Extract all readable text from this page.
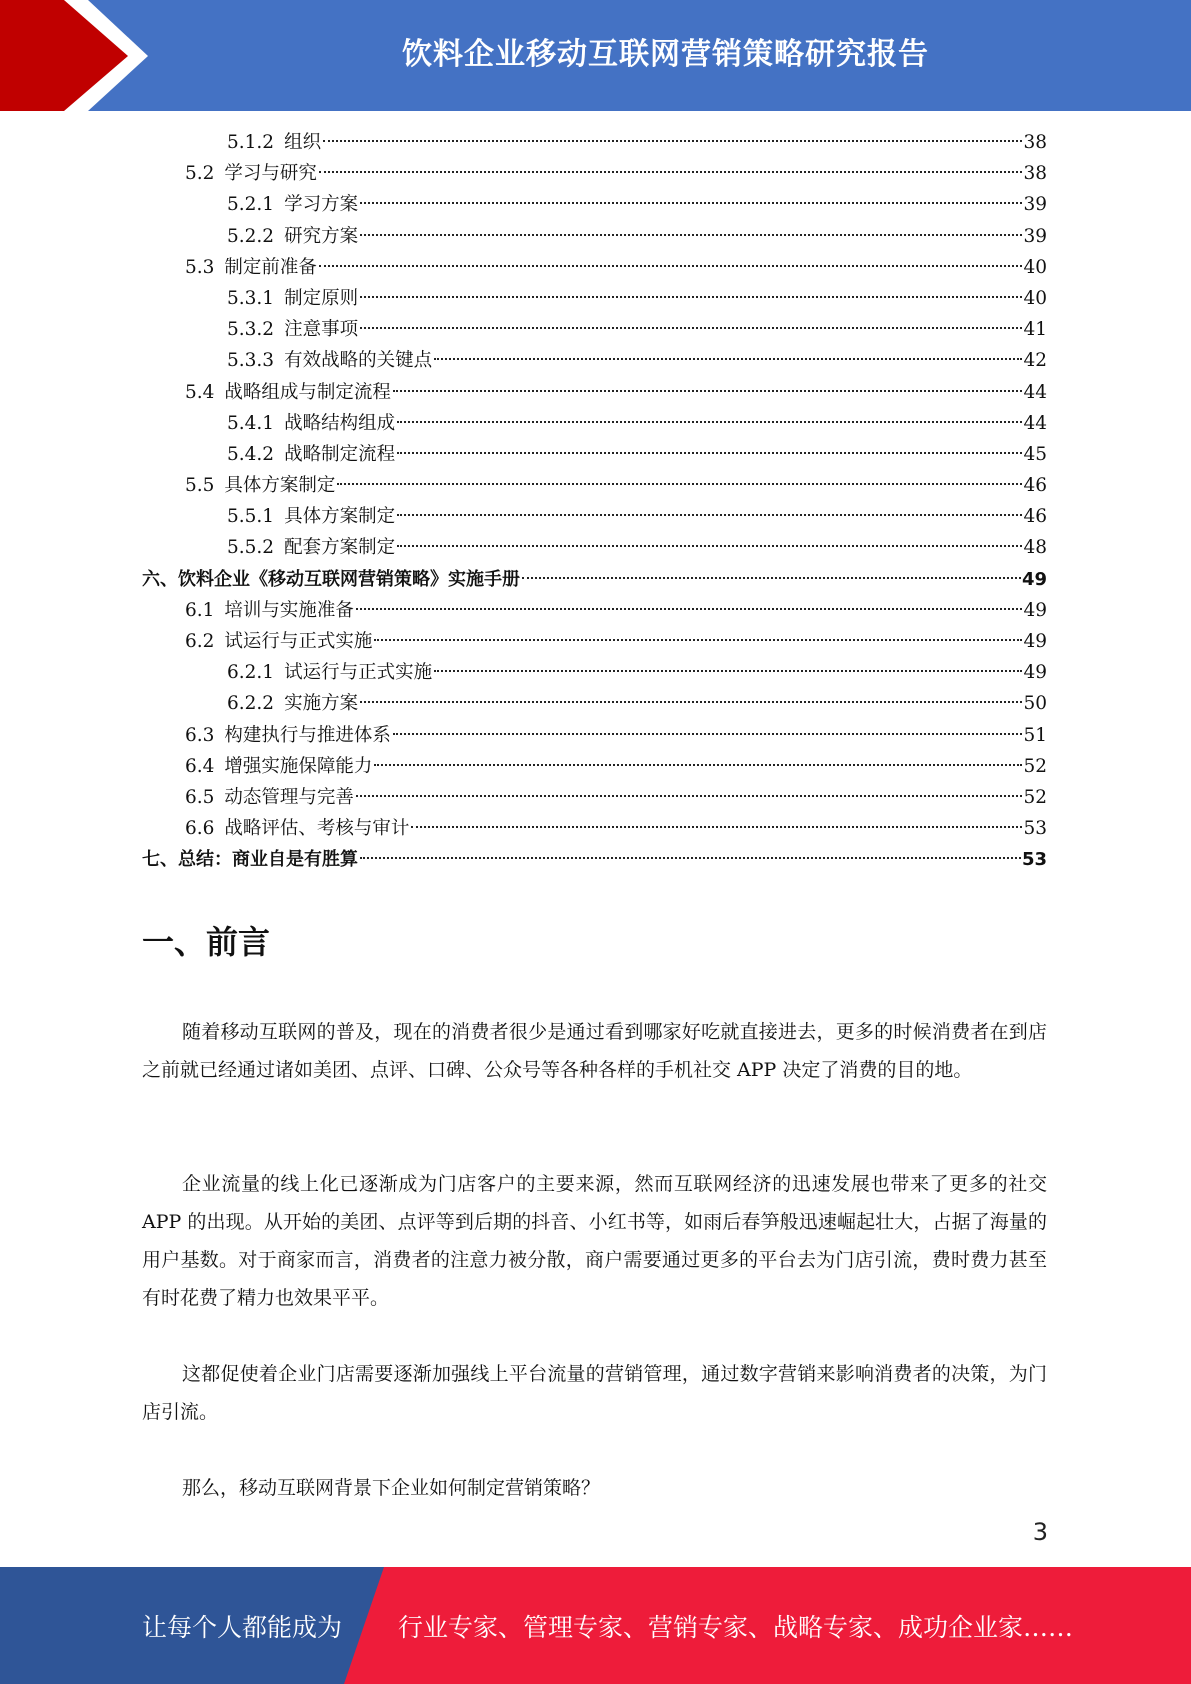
饮料企业移动互联网营销策略研究报告
5.1.2 组织	38
5.2 学习与研究	38
5.2.1 学习方案	39
5.2.2 研究方案	39
5.3 制定前准备	40
5.3.1 制定原则	40
5.3.2 注意事项	41
5.3.3 有效战略的关键点	42
5.4 战略组成与制定流程	44
5.4.1 战略结构组成	44
5.4.2 战略制定流程	45
5.5 具体方案制定	46
5.5.1 具体方案制定	46
5.5.2 配套方案制定	48
六、 饮料企业《移动互联网营销策略》实施手册	49
6.1 培训与实施准备	49
6.2 试运行与正式实施	49
6.2.1 试运行与正式实施	49
6.2.2 实施方案	50
6.3 构建执行与推进体系	51
6.4 增强实施保障能力	52
6.5 动态管理与完善	52
6.6 战略评估、考核与审计	53
七、 总结：商业自是有胜算	53
一、前言

随着移动互联网的普及，现在的消费者很少是通过看到哪家好吃就直接进去，更多的时候消费者在到店之前就已经通过诸如美团、点评、口碑、公众号等各种各样的手机社交 APP 决定了消费的目的地。

企业流量的线上化已逐渐成为门店客户的主要来源，然而互联网经济的迅速发展也带来了更多的社交 APP 的出现。从开始的美团、点评等到后期的抖音、小红书等，如雨后春笋般迅速崛起壮大，占据了海量的用户基数。对于商家而言，消费者的注意力被分散，商户需要通过更多的平台去为门店引流，费时费力甚至有时花费了精力也效果平平。

这都促使着企业门店需要逐渐加强线上平台流量的营销管理，通过数字营销来影响消费者的决策，为门店引流。

那么，移动互联网背景下企业如何制定营销策略？

3
让每个人都能成为 行业专家、管理专家、营销专家、战略专家、成功企业家……
